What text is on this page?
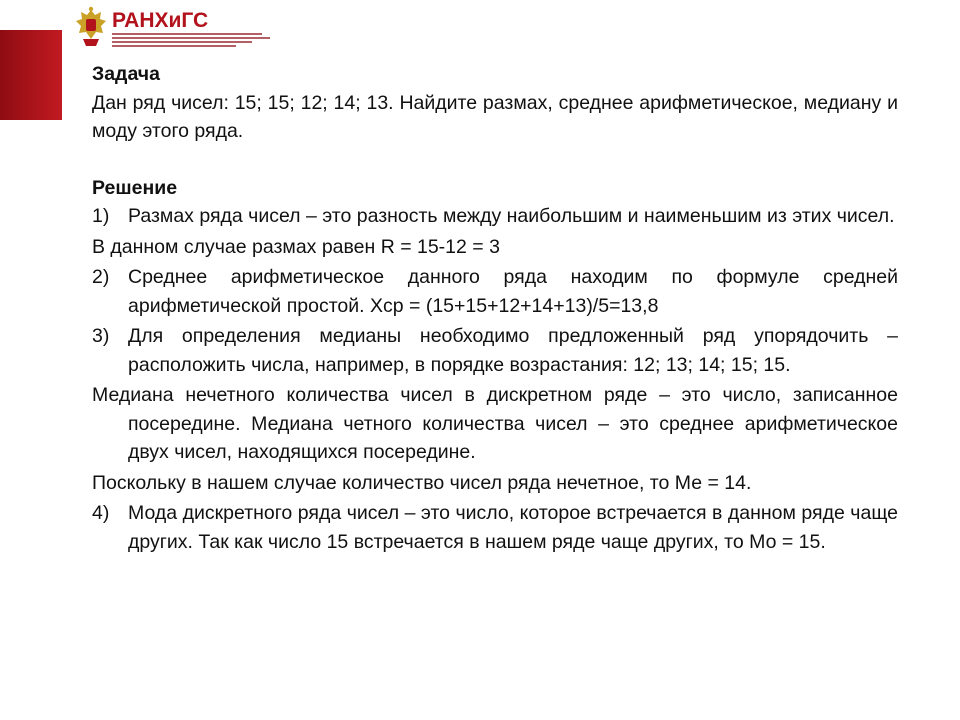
РАНХиГС

Задача

Дан ряд чисел: 15; 15; 12; 14; 13. Найдите размах, среднее арифметическое, медиану и моду этого ряда.

Решение

1) Размах ряда чисел – это разность между наибольшим и наименьшим из этих чисел.

В данном случае размах равен R = 15-12 = 3

2) Среднее арифметическое данного ряда находим по формуле средней арифметической простой. Хср = (15+15+12+14+13)/5=13,8
3) Для определения медианы необходимо предложенный ряд упорядочить – расположить числа, например, в порядке возрастания: 12; 13; 14; 15; 15.

Медиана нечетного количества чисел в дискретном ряде – это число, записанное посередине. Медиана четного количества чисел – это среднее арифметическое двух чисел, находящихся посередине.

Поскольку в нашем случае количество чисел ряда нечетное, то Ме = 14.

4) Мода дискретного ряда чисел – это число, которое встречается в данном ряде чаще других. Так как число 15 встречается в нашем ряде чаще других, то Мо = 15.
